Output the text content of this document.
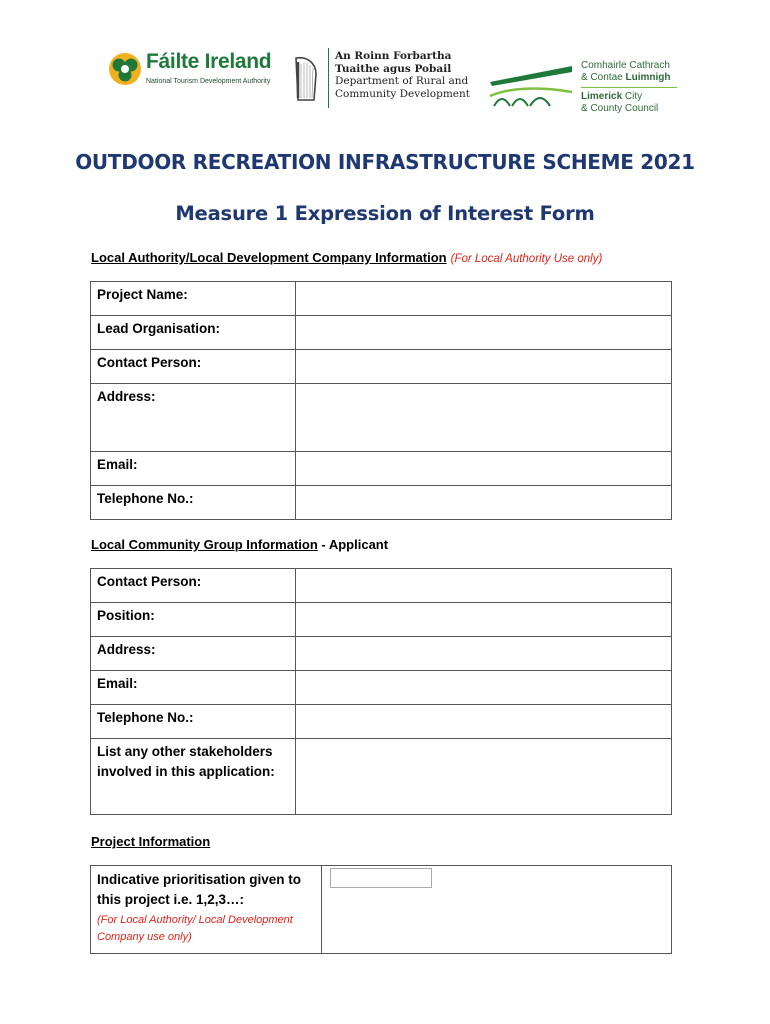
Fáilte Ireland
National Tourism Development Authority
An Roinn Forbartha
Tuaithe agus Pobail
Department of Rural and
Community Development
Comhairle Cathrach
& Contae Luimnigh
Limerick City
& County Council
OUTDOOR RECREATION INFRASTRUCTURE SCHEME 2021
Measure 1 Expression of Interest Form
Local Authority/Local Development Company Information (For Local Authority Use only)
Project Name:	
Lead Organisation:	
Contact Person:	
Address:	
Email:	
Telephone No.:	
Local Community Group Information - Applicant
Contact Person:	
Position:	
Address:	
Email:	
Telephone No.:	
List any other stakeholders involved in this application:	
Project Information
Indicative prioritisation given to this project i.e. 1,2,3…:
(For Local Authority/ Local Development Company use only)
